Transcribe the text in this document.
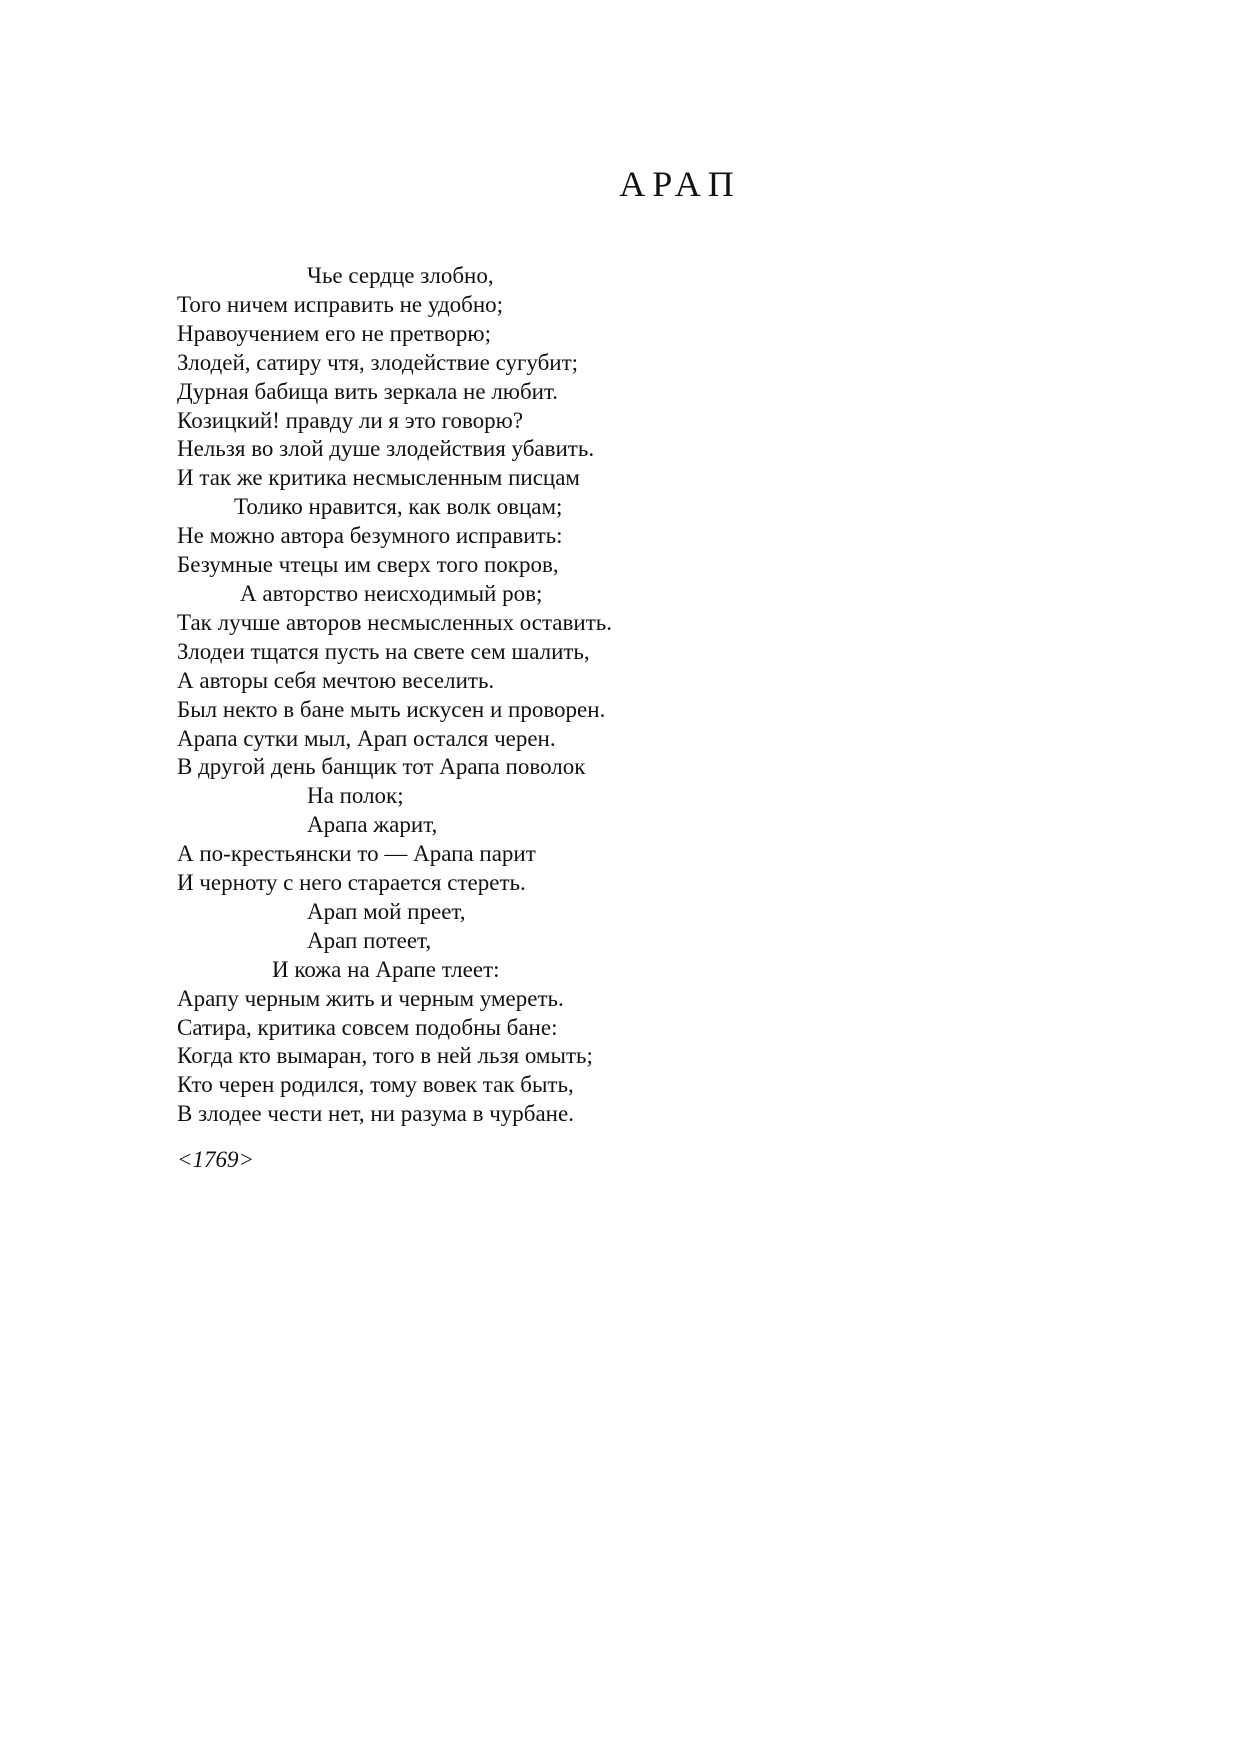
АРАП
Чье сердце злобно,
Того ничем исправить не удобно;
Нравоучением его не претворю;
Злодей, сатиру чтя, злодействие сугубит;
Дурная бабища вить зеркала не любит.
Козицкий! правду ли я это говорю?
Нельзя во злой душе злодействия убавить.
И так же критика несмысленным писцам
Толико нравится, как волк овцам;
Не можно автора безумного исправить:
Безумные чтецы им сверх того покров,
А авторство неисходимый ров;
Так лучше авторов несмысленных оставить.
Злодеи тщатся пусть на свете сем шалить,
А авторы себя мечтою веселить.
Был некто в бане мыть искусен и проворен.
Арапа сутки мыл, Арап остался черен.
В другой день банщик тот Арапа поволок
На полок;
Арапа жарит,
А по-крестьянски то — Арапа парит
И черноту с него старается стереть.
Арап мой преет,
Арап потеет,
И кожа на Арапе тлеет:
Арапу черным жить и черным умереть.
Сатира, критика совсем подобны бане:
Когда кто вымаран, того в ней льзя омыть;
Кто черен родился, тому вовек так быть,
В злодее чести нет, ни разума в чурбане.
<1769>
